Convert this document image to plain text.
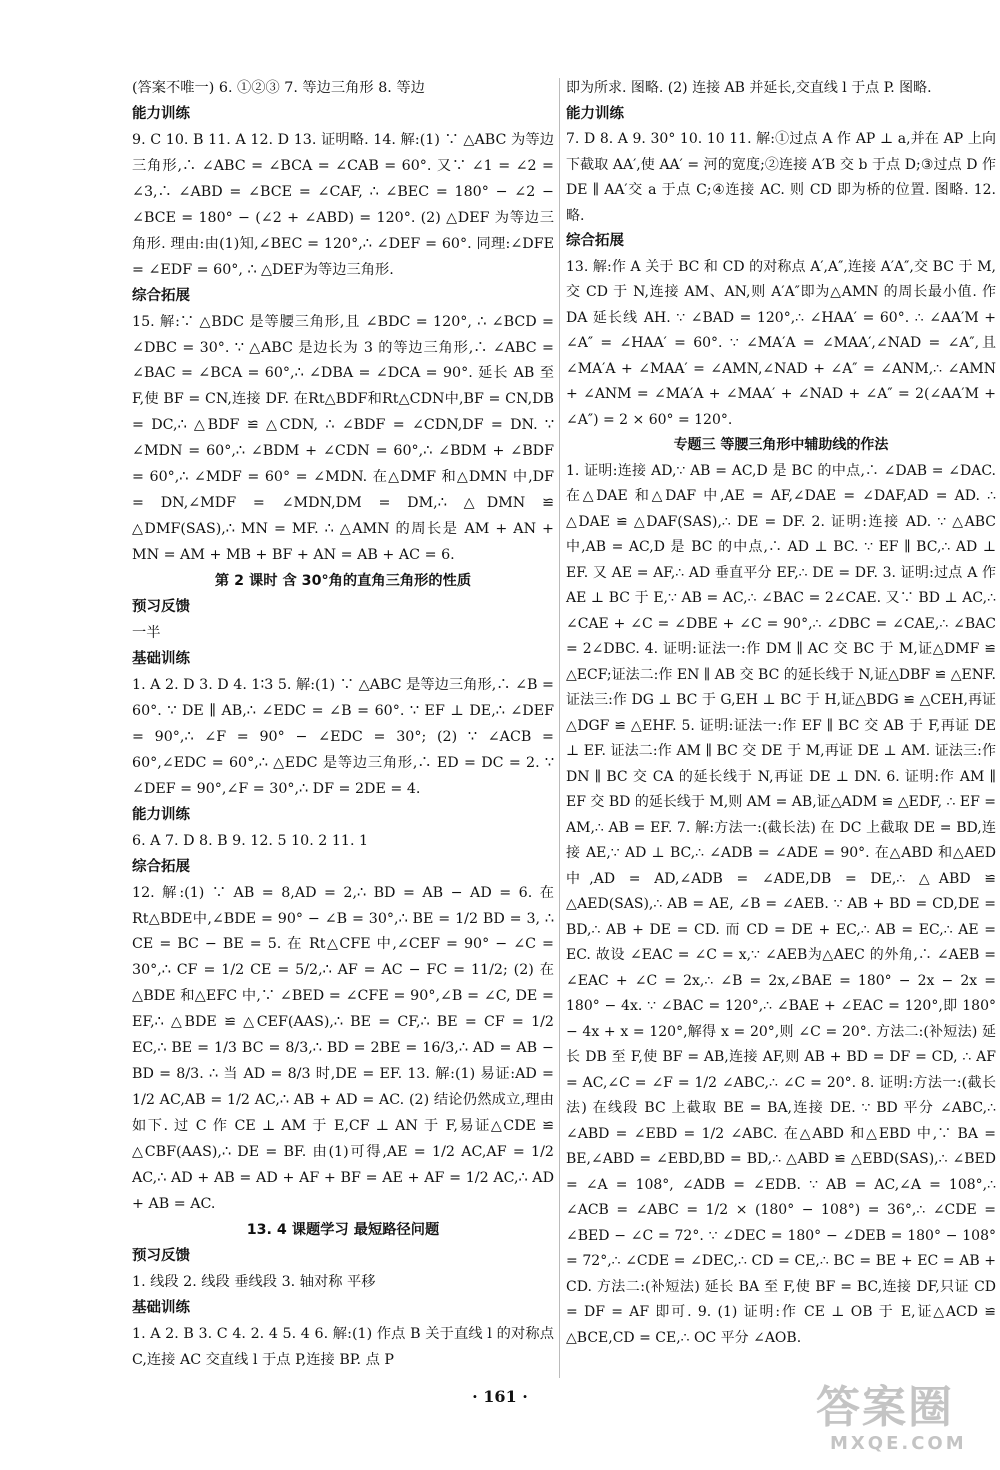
(答案不唯一) 6. ①②③ 7. 等边三角形 8. 等边

能力训练

9. C 10. B 11. A 12. D 13. 证明略. 14. 解:(1) ∵ △ABC 为等边三角形,∴ ∠ABC = ∠BCA = ∠CAB = 60°. 又∵ ∠1 = ∠2 = ∠3,∴ ∠ABD = ∠BCE = ∠CAF, ∴ ∠BEC = 180° − ∠2 − ∠BCE = 180° − (∠2 + ∠ABD) = 120°. (2) △DEF 为等边三角形. 理由:由(1)知,∠BEC = 120°,∴ ∠DEF = 60°. 同理:∠DFE = ∠EDF = 60°, ∴ △DEF为等边三角形.

综合拓展

15. 解:∵ △BDC 是等腰三角形,且 ∠BDC = 120°, ∴ ∠BCD = ∠DBC = 30°. ∵ △ABC 是边长为 3 的等边三角形,∴ ∠ABC = ∠BAC = ∠BCA = 60°,∴ ∠DBA = ∠DCA = 90°. 延长 AB 至 F,使 BF = CN,连接 DF. 在Rt△BDF和Rt△CDN中,BF = CN,DB = DC,∴ △BDF ≌ △CDN, ∴ ∠BDF = ∠CDN,DF = DN. ∵ ∠MDN = 60°,∴ ∠BDM + ∠CDN = 60°,∴ ∠BDM + ∠BDF = 60°,∴ ∠MDF = 60° = ∠MDN. 在△DMF 和△DMN 中,DF = DN,∠MDF = ∠MDN,DM = DM,∴ △DMN ≌ △DMF(SAS),∴ MN = MF. ∴ △AMN 的周长是 AM + AN + MN = AM + MB + BF + AN = AB + AC = 6.

第 2 课时 含 30°角的直角三角形的性质

预习反馈

一半

基础训练

1. A 2. D 3. D 4. 1∶3 5. 解:(1) ∵ △ABC 是等边三角形,∴ ∠B = 60°. ∵ DE ∥ AB,∴ ∠EDC = ∠B = 60°. ∵ EF ⊥ DE,∴ ∠DEF = 90°,∴ ∠F = 90° − ∠EDC = 30°; (2) ∵ ∠ACB = 60°,∠EDC = 60°,∴ △EDC 是等边三角形,∴ ED = DC = 2. ∵ ∠DEF = 90°,∠F = 30°,∴ DF = 2DE = 4.

能力训练

6. A 7. D 8. B 9. 12. 5 10. 2 11. 1

综合拓展

12. 解:(1) ∵ AB = 8,AD = 2,∴ BD = AB − AD = 6. 在Rt△BDE中,∠BDE = 90° − ∠B = 30°,∴ BE = 1/2 BD = 3, ∴ CE = BC − BE = 5. 在 Rt△CFE 中,∠CEF = 90° − ∠C = 30°,∴ CF = 1/2 CE = 5/2,∴ AF = AC − FC = 11/2; (2) 在△BDE 和△EFC 中,∵ ∠BED = ∠CFE = 90°,∠B = ∠C, DE = EF,∴ △BDE ≌ △CEF(AAS),∴ BE = CF,∴ BE = CF = 1/2 EC,∴ BE = 1/3 BC = 8/3,∴ BD = 2BE = 16/3,∴ AD = AB − BD = 8/3. ∴ 当 AD = 8/3 时,DE = EF. 13. 解:(1) 易证:AD = 1/2 AC,AB = 1/2 AC,∴ AB + AD = AC. (2) 结论仍然成立,理由如下. 过 C 作 CE ⊥ AM 于 E,CF ⊥ AN 于 F,易证△CDE ≌ △CBF(AAS),∴ DE = BF. 由(1)可得,AE = 1/2 AC,AF = 1/2 AC,∴ AD + AB = AD + AF + BF = AE + AF = 1/2 AC,∴ AD + AB = AC.

13. 4 课题学习 最短路径问题

预习反馈

1. 线段 2. 线段 垂线段 3. 轴对称 平移

基础训练

1. A 2. B 3. C 4. 2. 4 5. 4 6. 解:(1) 作点 B 关于直线 l 的对称点 C,连接 AC 交直线 l 于点 P,连接 BP. 点 P

即为所求. 图略. (2) 连接 AB 并延长,交直线 l 于点 P. 图略.

能力训练

7. D 8. A 9. 30° 10. 10 11. 解:①过点 A 作 AP ⊥ a,并在 AP 上向下截取 AA′,使 AA′ = 河的宽度;②连接 A′B 交 b 于点 D;③过点 D 作 DE ∥ AA′交 a 于点 C;④连接 AC. 则 CD 即为桥的位置. 图略. 12. 略.

综合拓展

13. 解:作 A 关于 BC 和 CD 的对称点 A′,A″,连接 A′A″,交 BC 于 M,交 CD 于 N,连接 AM、AN,则 A′A″即为△AMN 的周长最小值. 作 DA 延长线 AH. ∵ ∠BAD = 120°,∴ ∠HAA′ = 60°. ∴ ∠AA′M + ∠A″ = ∠HAA′ = 60°. ∵ ∠MA′A = ∠MAA′,∠NAD = ∠A″,且 ∠MA′A + ∠MAA′ = ∠AMN,∠NAD + ∠A″ = ∠ANM,∴ ∠AMN + ∠ANM = ∠MA′A + ∠MAA′ + ∠NAD + ∠A″ = 2(∠AA′M + ∠A″) = 2 × 60° = 120°.

专题三 等腰三角形中辅助线的作法

1. 证明:连接 AD,∵ AB = AC,D 是 BC 的中点,∴ ∠DAB = ∠DAC. 在△DAE 和△DAF 中,AE = AF,∠DAE = ∠DAF,AD = AD. ∴ △DAE ≌ △DAF(SAS),∴ DE = DF. 2. 证明:连接 AD. ∵ △ABC 中,AB = AC,D 是 BC 的中点,∴ AD ⊥ BC. ∵ EF ∥ BC,∴ AD ⊥ EF. 又 AE = AF,∴ AD 垂直平分 EF,∴ DE = DF. 3. 证明:过点 A 作 AE ⊥ BC 于 E,∵ AB = AC,∴ ∠BAC = 2∠CAE. 又∵ BD ⊥ AC,∴ ∠CAE + ∠C = ∠DBE + ∠C = 90°,∴ ∠DBC = ∠CAE,∴ ∠BAC = 2∠DBC. 4. 证明:证法一:作 DM ∥ AC 交 BC 于 M,证△DMF ≌ △ECF;证法二:作 EN ∥ AB 交 BC 的延长线于 N,证△DBF ≌ △ENF. 证法三:作 DG ⊥ BC 于 G,EH ⊥ BC 于 H,证△BDG ≌ △CEH,再证△DGF ≌ △EHF. 5. 证明:证法一:作 EF ∥ BC 交 AB 于 F,再证 DE ⊥ EF. 证法二:作 AM ∥ BC 交 DE 于 M,再证 DE ⊥ AM. 证法三:作 DN ∥ BC 交 CA 的延长线于 N,再证 DE ⊥ DN. 6. 证明:作 AM ∥ EF 交 BD 的延长线于 M,则 AM = AB,证△ADM ≌ △EDF, ∴ EF = AM,∴ AB = EF. 7. 解:方法一:(截长法) 在 DC 上截取 DE = BD,连接 AE,∵ AD ⊥ BC,∴ ∠ADB = ∠ADE = 90°. 在△ABD 和△AED 中,AD = AD,∠ADB = ∠ADE,DB = DE,∴ △ABD ≌ △AED(SAS),∴ AB = AE, ∠B = ∠AEB. ∵ AB + BD = CD,DE = BD,∴ AB + DE = CD. 而 CD = DE + EC,∴ AB = EC,∴ AE = EC. 故设 ∠EAC = ∠C = x,∵ ∠AEB为△AEC 的外角,∴ ∠AEB = ∠EAC + ∠C = 2x,∴ ∠B = 2x,∠BAE = 180° − 2x − 2x = 180° − 4x. ∵ ∠BAC = 120°,∴ ∠BAE + ∠EAC = 120°,即 180° − 4x + x = 120°,解得 x = 20°,则 ∠C = 20°. 方法二:(补短法) 延长 DB 至 F,使 BF = AB,连接 AF,则 AB + BD = DF = CD, ∴ AF = AC,∠C = ∠F = 1/2 ∠ABC,∴ ∠C = 20°. 8. 证明:方法一:(截长法) 在线段 BC 上截取 BE = BA,连接 DE. ∵ BD 平分 ∠ABC,∴ ∠ABD = ∠EBD = 1/2 ∠ABC. 在△ABD 和△EBD 中,∵ BA = BE,∠ABD = ∠EBD,BD = BD,∴ △ABD ≌ △EBD(SAS),∴ ∠BED = ∠A = 108°, ∠ADB = ∠EDB. ∵ AB = AC,∠A = 108°,∴ ∠ACB = ∠ABC = 1/2 × (180° − 108°) = 36°,∴ ∠CDE = ∠BED − ∠C = 72°. ∵ ∠DEC = 180° − ∠DEB = 180° − 108° = 72°,∴ ∠CDE = ∠DEC,∴ CD = CE,∴ BC = BE + EC = AB + CD. 方法二:(补短法) 延长 BA 至 F,使 BF = BC,连接 DF,只证 CD = DF = AF 即可. 9. (1) 证明:作 CE ⊥ OB 于 E,证△ACD ≌ △BCE,CD = CE,∴ OC 平分 ∠AOB.

· 161 ·	答案圈
MXQE.COM
